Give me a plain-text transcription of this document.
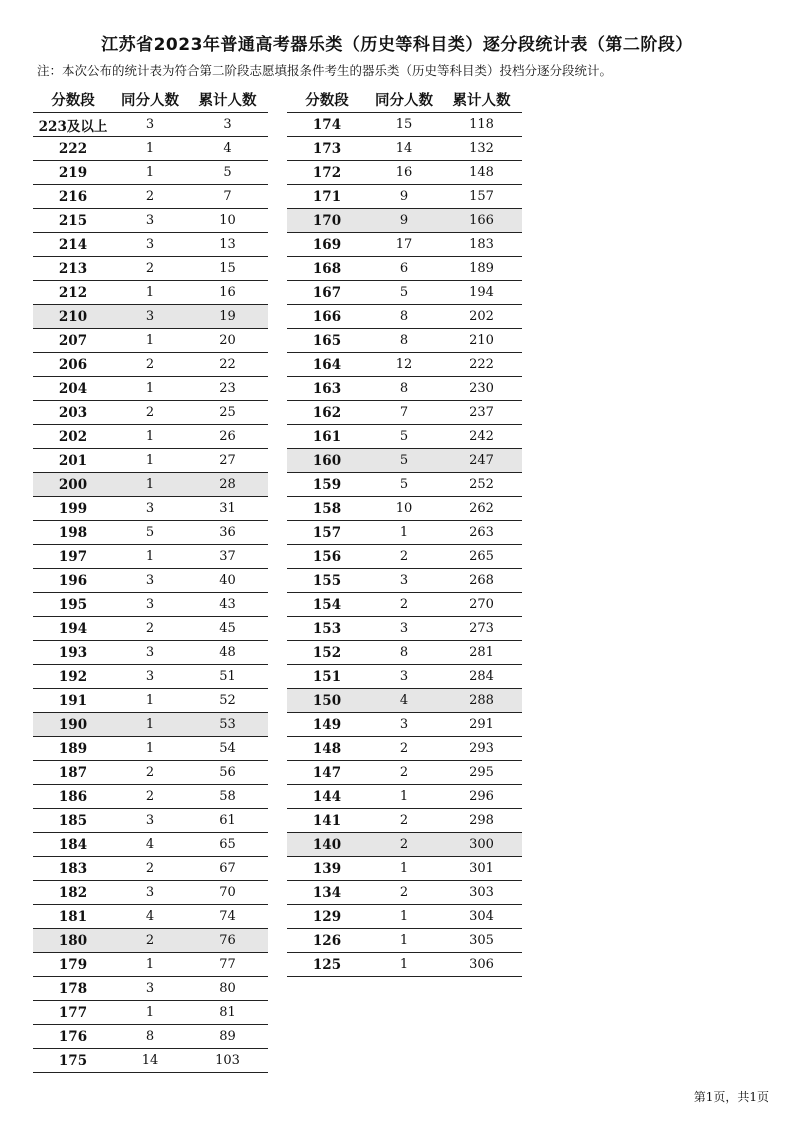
江苏省2023年普通高考器乐类（历史等科目类）逐分段统计表（第二阶段）

注：本次公布的统计表为符合第二阶段志愿填报条件考生的器乐类（历史等科目类）投档分逐分段统计。

分数段	同分人数	累计人数
223及以上	3	3
222	1	4
219	1	5
216	2	7
215	3	10
214	3	13
213	2	15
212	1	16
210	3	19
207	1	20
206	2	22
204	1	23
203	2	25
202	1	26
201	1	27
200	1	28
199	3	31
198	5	36
197	1	37
196	3	40
195	3	43
194	2	45
193	3	48
192	3	51
191	1	52
190	1	53
189	1	54
187	2	56
186	2	58
185	3	61
184	4	65
183	2	67
182	3	70
181	4	74
180	2	76
179	1	77
178	3	80
177	1	81
176	8	89
175	14	103
分数段	同分人数	累计人数
174	15	118
173	14	132
172	16	148
171	9	157
170	9	166
169	17	183
168	6	189
167	5	194
166	8	202
165	8	210
164	12	222
163	8	230
162	7	237
161	5	242
160	5	247
159	5	252
158	10	262
157	1	263
156	2	265
155	3	268
154	2	270
153	3	273
152	8	281
151	3	284
150	4	288
149	3	291
148	2	293
147	2	295
144	1	296
141	2	298
140	2	300
139	1	301
134	2	303
129	1	304
126	1	305
125	1	306

第1页，共1页
